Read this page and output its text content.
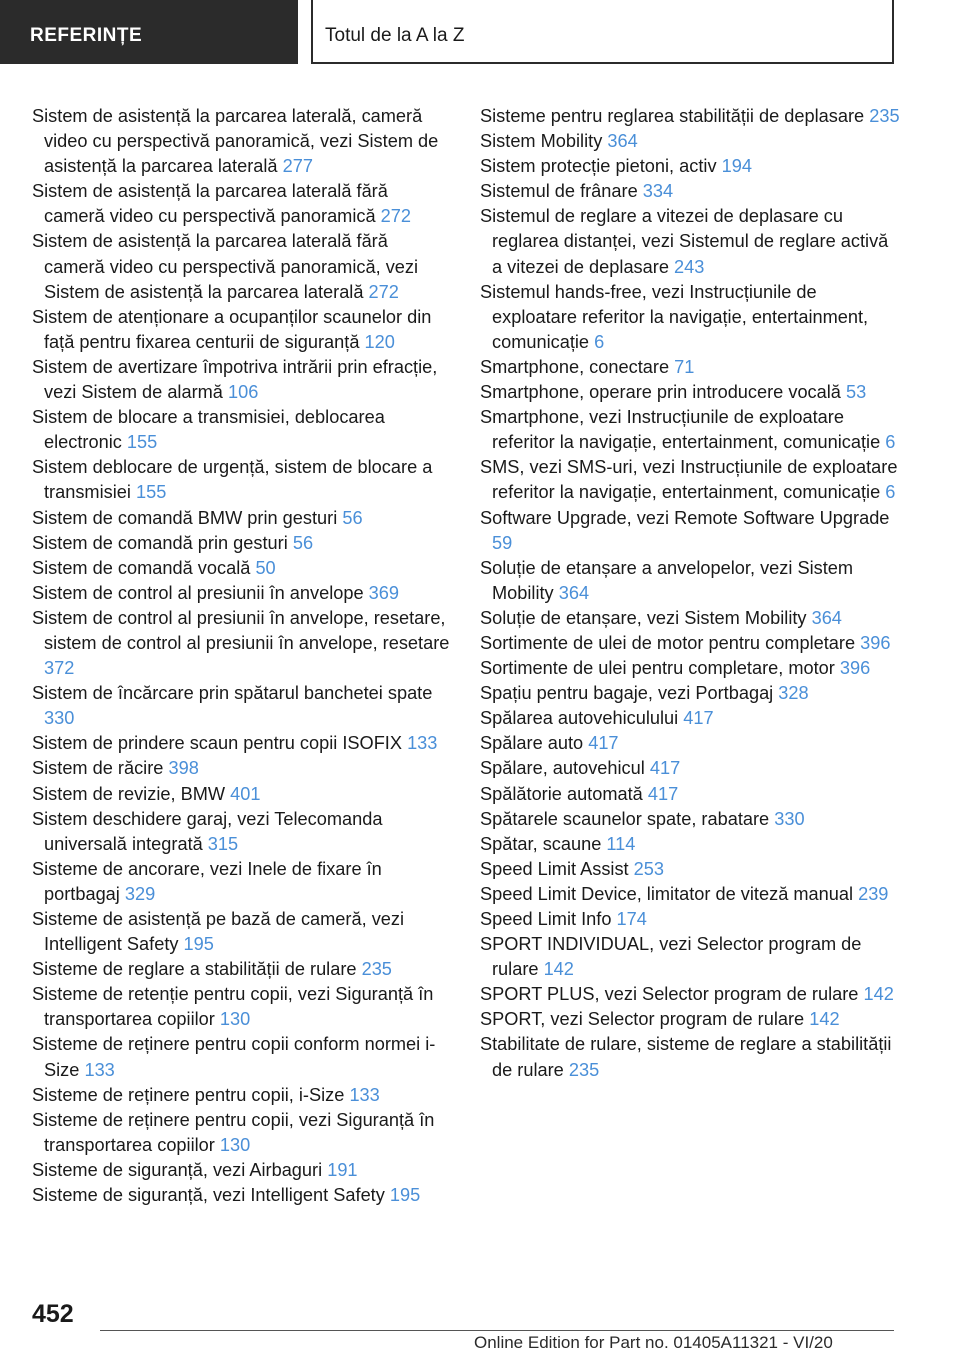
REFERINȚE	Totul de la A la Z

Sistem de asistență la parcarea laterală, cameră video cu perspectivă panoramică, vezi Sistem de asistență la parcarea laterală 277

Sistem de asistență la parcarea laterală fără cameră video cu perspectivă panoramică 272

Sistem de asistență la parcarea laterală fără cameră video cu perspectivă panoramică, vezi Sistem de asistență la parcarea laterală 272

Sistem de atenționare a ocupanților scaunelor din față pentru fixarea centurii de siguranță 120

Sistem de avertizare împotriva intrării prin efracție, vezi Sistem de alarmă 106

Sistem de blocare a transmisiei, deblocarea electronic 155

Sistem deblocare de urgență, sistem de blocare a transmisiei 155

Sistem de comandă BMW prin gesturi 56

Sistem de comandă prin gesturi 56

Sistem de comandă vocală 50

Sistem de control al presiunii în anvelope 369

Sistem de control al presiunii în anvelope, resetare, sistem de control al presiunii în anvelope, resetare 372

Sistem de încărcare prin spătarul banchetei spate 330

Sistem de prindere scaun pentru copii ISOFIX 133

Sistem de răcire 398

Sistem de revizie, BMW 401

Sistem deschidere garaj, vezi Telecomanda universală integrată 315

Sisteme de ancorare, vezi Inele de fixare în portbagaj 329

Sisteme de asistență pe bază de cameră, vezi Intelligent Safety 195

Sisteme de reglare a stabilității de rulare 235

Sisteme de retenție pentru copii, vezi Siguranță în transportarea copiilor 130

Sisteme de reținere pentru copii conform normei i-Size 133

Sisteme de reținere pentru copii, i-Size 133

Sisteme de reținere pentru copii, vezi Siguranță în transportarea copiilor 130

Sisteme de siguranță, vezi Airbaguri 191

Sisteme de siguranță, vezi Intelligent Safety 195

Sisteme pentru reglarea stabilității de deplasare 235

Sistem Mobility 364

Sistem protecție pietoni, activ 194

Sistemul de frânare 334

Sistemul de reglare a vitezei de deplasare cu reglarea distanței, vezi Sistemul de reglare activă a vitezei de deplasare 243

Sistemul hands-free, vezi Instrucțiunile de exploatare referitor la navigație, entertainment, comunicație 6

Smartphone, conectare 71

Smartphone, operare prin introducere vocală 53

Smartphone, vezi Instrucțiunile de exploatare referitor la navigație, entertainment, comunicație 6

SMS, vezi SMS-uri, vezi Instrucțiunile de exploatare referitor la navigație, entertainment, comunicație 6

Software Upgrade, vezi Remote Software Upgrade 59

Soluție de etanșare a anvelopelor, vezi Sistem Mobility 364

Soluție de etanșare, vezi Sistem Mobility 364

Sortimente de ulei de motor pentru completare 396

Sortimente de ulei pentru completare, motor 396

Spațiu pentru bagaje, vezi Portbagaj 328

Spălarea autovehiculului 417

Spălare auto 417

Spălare, autovehicul 417

Spălătorie automată 417

Spătarele scaunelor spate, rabatare 330

Spătar, scaune 114

Speed Limit Assist 253

Speed Limit Device, limitator de viteză manual 239

Speed Limit Info 174

SPORT INDIVIDUAL, vezi Selector program de rulare 142

SPORT PLUS, vezi Selector program de rulare 142

SPORT, vezi Selector program de rulare 142

Stabilitate de rulare, sisteme de reglare a stabilității de rulare 235

452
Online Edition for Part no. 01405A11321 - VI/20
